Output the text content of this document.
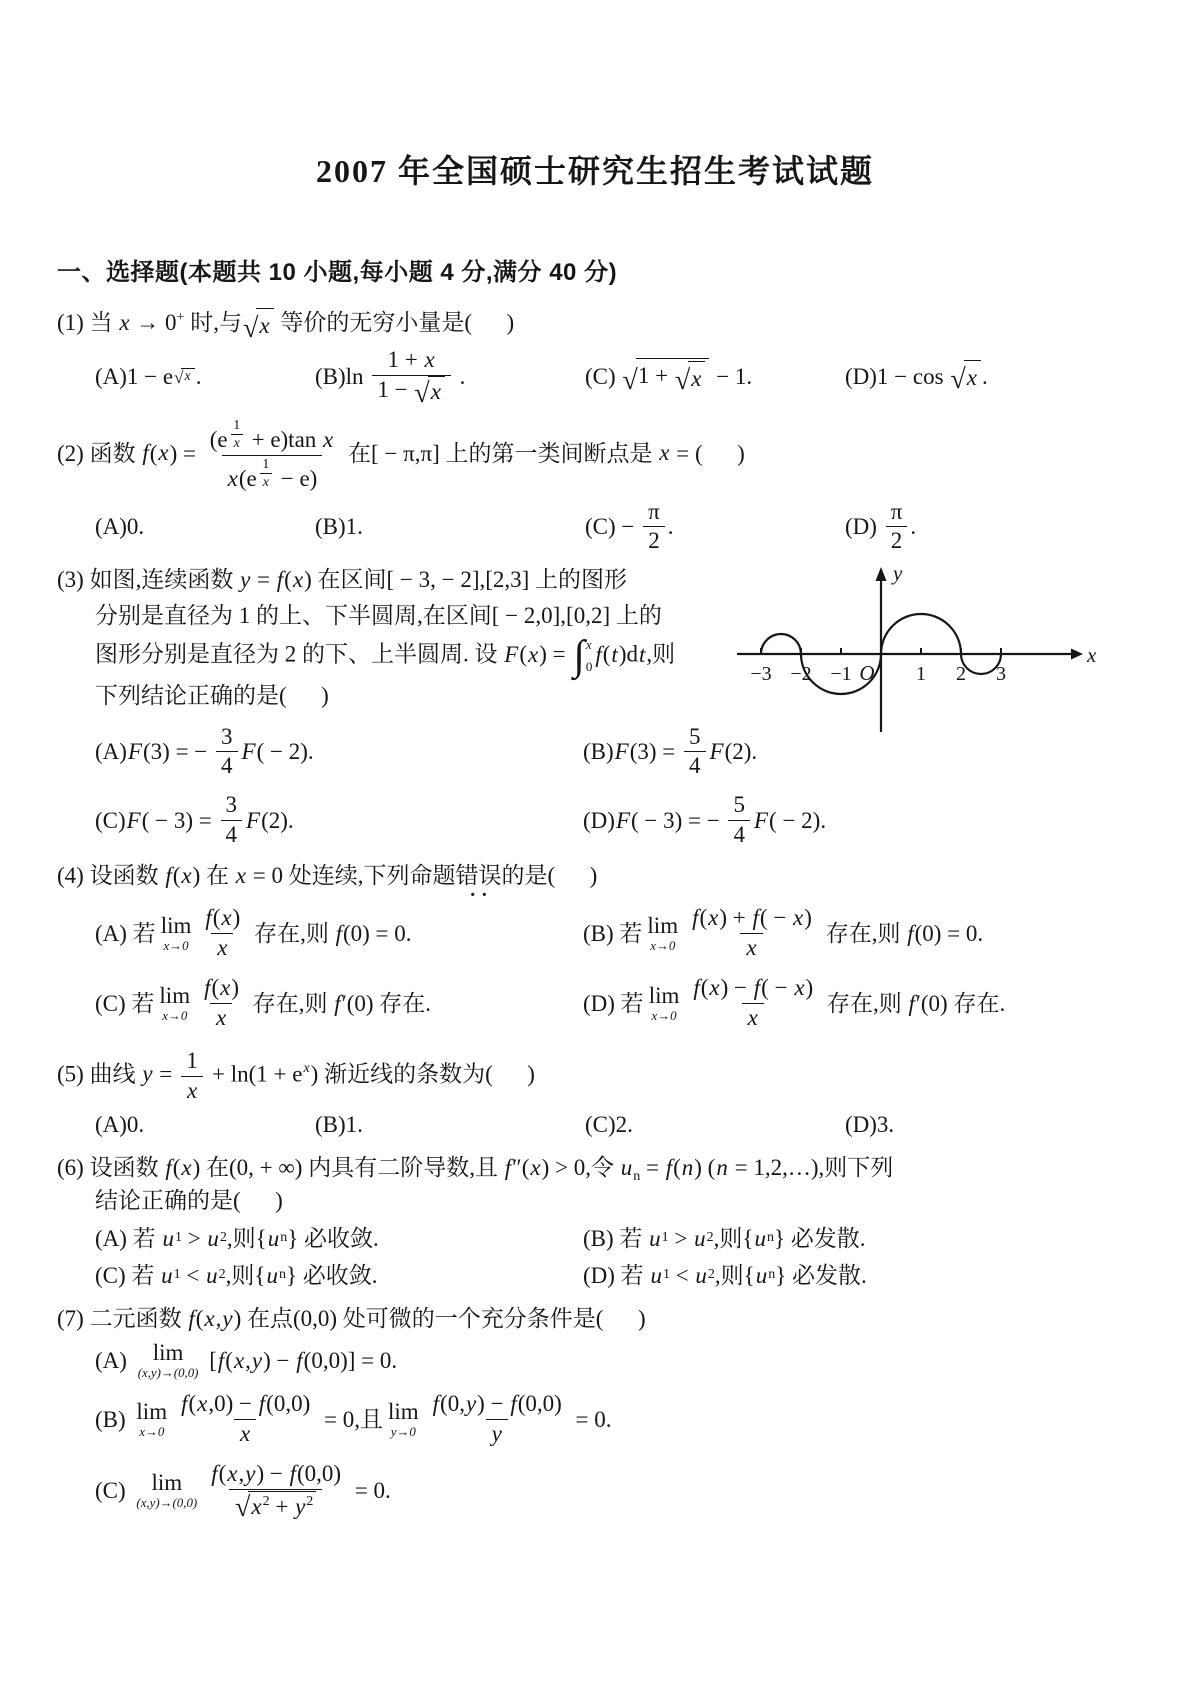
2007 年全国硕士研究生招生考试试题
一、选择题(本题共 10 小题,每小题 4 分,满分 40 分)
(1) 当 x → 0+ 时,与 √ x 等价的无穷小量是(      )
(A)1 − e √ x .	$(B)\ln \frac{1 + x}{1 - √ x}$ .	(C) √ 1 + √ x − 1.	(D)1 − cos √ x .
(2) 函数 $f(x) = \frac{(e \frac{1}{x} + e)\tan x}{x(e \frac{1}{x} - e)}$ 在[ − π,π] 上的第一类间断点是 x = (      )
(A)0.	(B)1.	$(C) - \frac{\pi}{2}$ .	$(D) \frac{\pi}{2}$ .
−3 −2 −1	1 2 3
O
x
y
(3) 如图,连续函数 y = f(x) 在区间[ − 3, − 2],[2,3] 上的图形
分别是直径为 1 的上、下半圆周,在区间[ − 2,0],[0,2] 上的
图形分别是直径为 2 的下、上半圆周. 设 F(x) = ∫ x
0
f(t)dt,则
下列结论正确的是(      )
(A) F (3) = − $\frac{3}{4}$ F ( − 2).	(B) F $(3) = \frac{5}{4}$ F (2).
(C) F ( − $3) = \frac{3}{4}$ F (2).	(D) F ( − 3) = − $\frac{5}{4}$ F ( − 2).
(4) 设函数 f(x) 在 x = 0 处连续,下列命题错误
· ·
的是(      )
(A) 若 lim
$x\to 0 \frac{f(x)}{x}$ 存在,则 f (0) = 0.	(B) 若 lim
$x\to 0 \frac{f(x) + f( - x)}{x}$ 存在,则 f (0) = 0.
(C) 若 lim
$x\to 0 \frac{f(x)}{x}$ 存在,则 f ′(0) 存在.	(D) 若 lim
$x\to 0 \frac{f(x) - f( - x)}{x}$ 存在,则 f ′(0) 存在.
(5) 曲线 $y = \frac{1}{x} + \ln(1 + ex)$ 渐近线的条数为(      )
(A)0.	(B)1.	(C)2.	(D)3.
(6) 设函数 f(x) 在(0, + ∞) 内具有二阶导数,且 f″(x) > 0,令 un = f(n) (n = 1,2,…),则下列
结论正确的是(      )
(A) 若 u 1 > u 2 ,则{ u n } 必收敛.	(B) 若 u 1 > u 2 ,则{ u n } 必发散.
(C) 若 u 1 < u 2 ,则{ u n } 必收敛.	(D) 若 u 1 < u 2 ,则{ u n } 必发散.
(7) 二元函数 f(x,y) 在点(0,0) 处可微的一个充分条件是(      )
(A) lim
(x,y)→(0,0)
[ f ( x , y ) − f (0,0)] = 0.
(B) lim
$x\to 0 \frac{f(x,0) - f(0,0)}{x} = 0$,且 lim
$y\to 0 \frac{f(0,y) - f(0,0)}{y} = 0$.
(C) lim
$(x,y)\to(0,0) \frac{f(x,y) - f(0,0)}{√ x2 + y2} = 0$.
